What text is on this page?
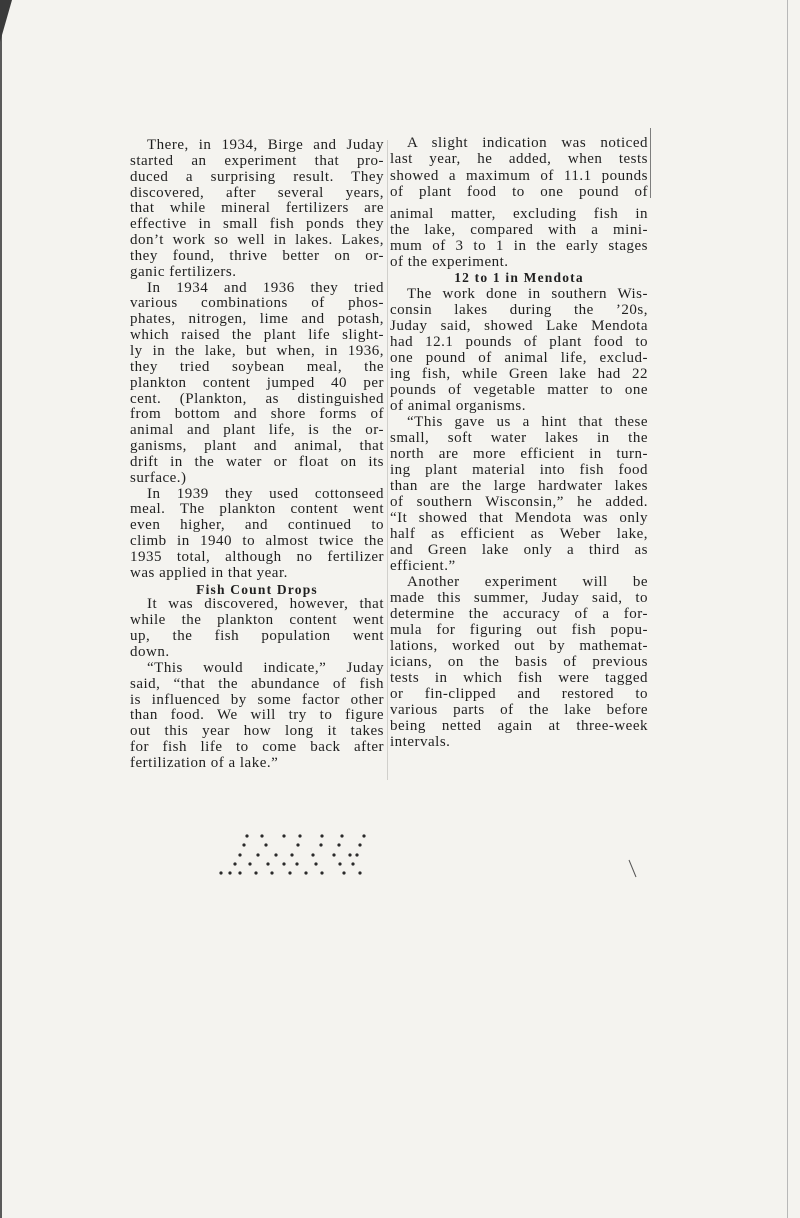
There, in 1934, Birge and Juday
started an experiment that pro-
duced a surprising result. They
discovered, after several years,
that while mineral fertilizers are
effective in small fish ponds they
don’t work so well in lakes. Lakes,
they found, thrive better on or-
ganic fertilizers.
In 1934 and 1936 they tried
various combinations of phos-
phates, nitrogen, lime and potash,
which raised the plant life slight-
ly in the lake, but when, in 1936,
they tried soybean meal, the
plankton content jumped 40 per
cent. (Plankton, as distinguished
from bottom and shore forms of
animal and plant life, is the or-
ganisms, plant and animal, that
drift in the water or float on its
surface.)
In 1939 they used cottonseed
meal. The plankton content went
even higher, and continued to
climb in 1940 to almost twice the
1935 total, although no fertilizer
was applied in that year.
Fish Count Drops
It was discovered, however, that
while the plankton content went
up, the fish population went
down.
“This would indicate,” Juday
said, “that the abundance of fish
is influenced by some factor other
than food. We will try to figure
out this year how long it takes
for fish life to come back after
fertilization of a lake.”
A slight indication was noticed
last year, he added, when tests
showed a maximum of 11.1 pounds
of plant food to one pound of
animal matter, excluding fish in
the lake, compared with a mini-
mum of 3 to 1 in the early stages
of the experiment.
12 to 1 in Mendota
The work done in southern Wis-
consin lakes during the ’20s,
Juday said, showed Lake Mendota
had 12.1 pounds of plant food to
one pound of animal life, exclud-
ing fish, while Green lake had 22
pounds of vegetable matter to one
of animal organisms.
“This gave us a hint that these
small, soft water lakes in the
north are more efficient in turn-
ing plant material into fish food
than are the large hardwater lakes
of southern Wisconsin,” he added.
“It showed that Mendota was only
half as efficient as Weber lake,
and Green lake only a third as
efficient.”
Another experiment will be
made this summer, Juday said, to
determine the accuracy of a for-
mula for figuring out fish popu-
lations, worked out by mathemat-
icians, on the basis of previous
tests in which fish were tagged
or fin-clipped and restored to
various parts of the lake before
being netted again at three-week
intervals.
